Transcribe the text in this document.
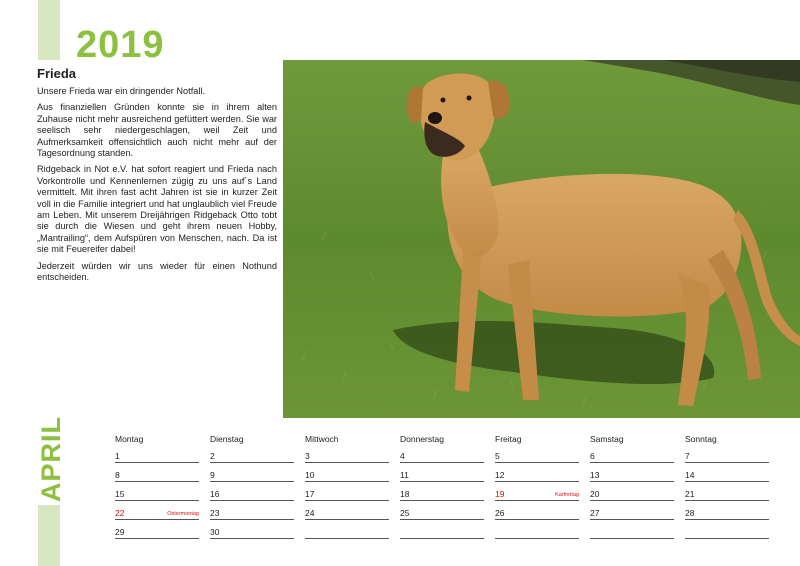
2019
Frieda

Unsere Frieda war ein dringender Notfall.

Aus finanziellen Gründen konnte sie in ihrem alten Zuhause nicht mehr ausreichend gefüttert werden. Sie war seelisch sehr niedergeschlagen, weil Zeit und Aufmerksamkeit offensichtlich auch nicht mehr auf der Tagesordnung standen.

Ridgeback in Not e.V. hat sofort reagiert und Frieda nach Vorkontrolle und Kennenlernen zügig zu uns auf´s Land vermittelt. Mit ihren fast acht Jahren ist sie in kurzer Zeit voll in die Familie integriert und hat unglaublich viel Freude am Leben. Mit unserem Dreijährigen Ridgeback Otto tobt sie durch die Wiesen und geht ihrem neuen Hobby, „Mantrailing“, dem Aufspüren von Menschen, nach. Da ist sie mit Feuereifer dabei!

Jederzeit würden wir uns wieder für einen Nothund entscheiden.

APRIL	Montag	Dienstag	Mittwoch	Donnerstag	Freitag	Samstag	Sonntag
1	2	3	4	5	6	7
8	9	10	11	12	13	14
15	16	17	18	19	Karfreitag 20	21
22	Ostermontag 23	24	25	26	27	28
29	30
